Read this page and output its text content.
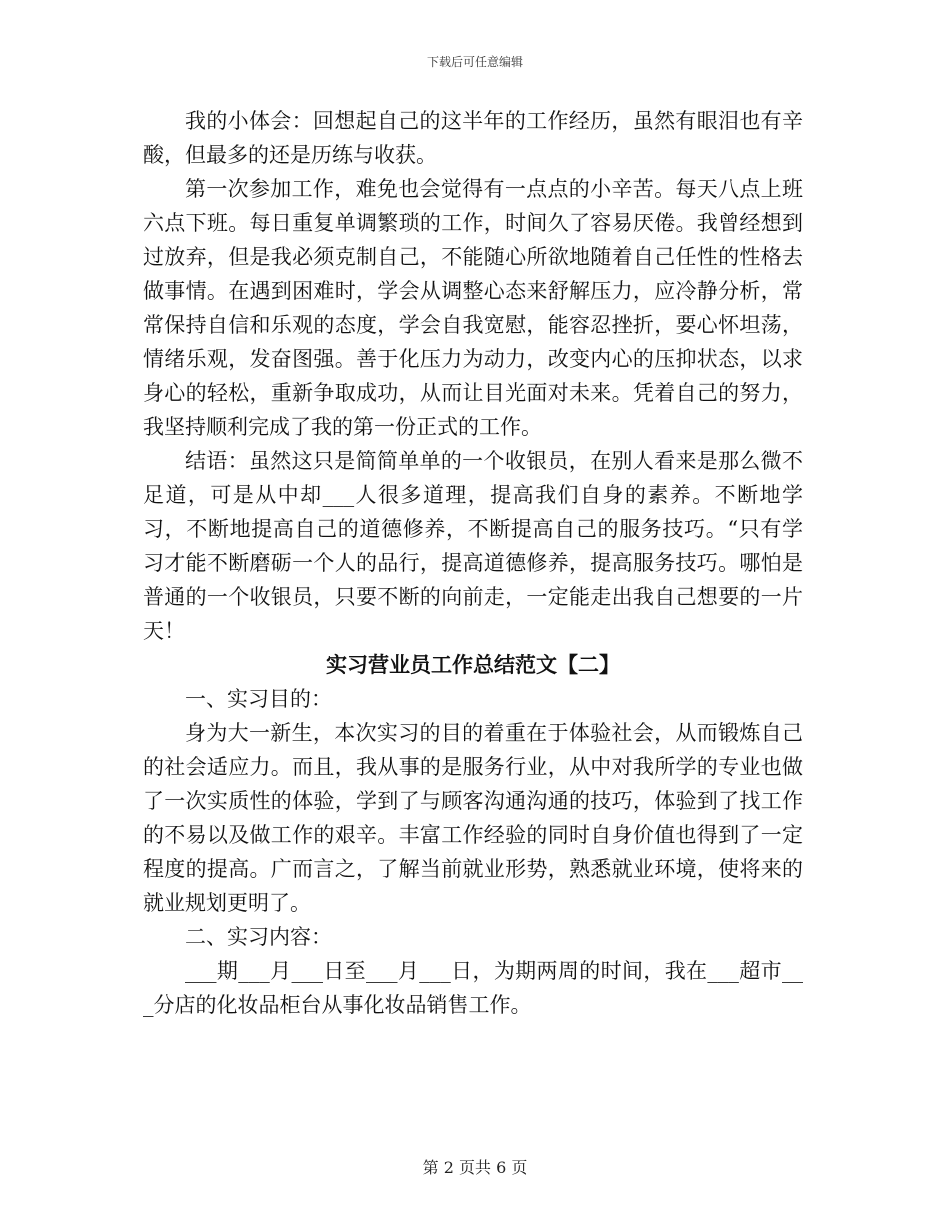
下载后可任意编辑

我的小体会：回想起自己的这半年的工作经历，虽然有眼泪也有辛酸，但最多的还是历练与收获。

第一次参加工作，难免也会觉得有一点点的小辛苦。每天八点上班六点下班。每日重复单调繁琐的工作，时间久了容易厌倦。我曾经想到过放弃，但是我必须克制自己，不能随心所欲地随着自己任性的性格去做事情。在遇到困难时，学会从调整心态来舒解压力，应冷静分析，常常保持自信和乐观的态度，学会自我宽慰，能容忍挫折，要心怀坦荡，情绪乐观，发奋图强。善于化压力为动力，改变内心的压抑状态，以求身心的轻松，重新争取成功，从而让目光面对未来。凭着自己的努力，我坚持顺利完成了我的第一份正式的工作。

结语：虽然这只是简简单单的一个收银员，在别人看来是那么微不足道，可是从中却___人很多道理，提高我们自身的素养。不断地学习，不断地提高自己的道德修养，不断提高自己的服务技巧。“只有学习才能不断磨砺一个人的品行，提高道德修养，提高服务技巧。哪怕是普通的一个收银员，只要不断的向前走，一定能走出我自己想要的一片天！

实习营业员工作总结范文【二】

一、实习目的：

身为大一新生，本次实习的目的着重在于体验社会，从而锻炼自己的社会适应力。而且，我从事的是服务行业，从中对我所学的专业也做了一次实质性的体验，学到了与顾客沟通沟通的技巧，体验到了找工作的不易以及做工作的艰辛。丰富工作经验的同时自身价值也得到了一定程度的提高。广而言之，了解当前就业形势，熟悉就业环境，使将来的就业规划更明了。

二、实习内容：

___期___月___日至___月___日，为期两周的时间，我在___超市___分店的化妆品柜台从事化妆品销售工作。

第 2 页共 6 页
